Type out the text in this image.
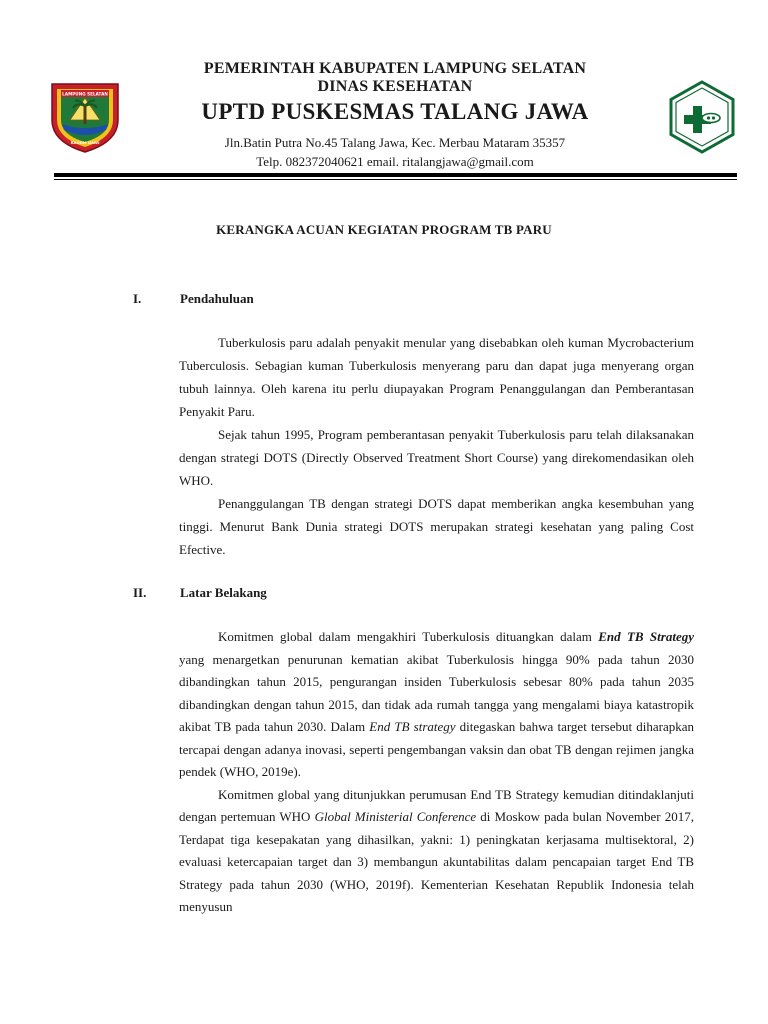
LAMPUNG SELATAN
RAGOM GAWI
PEMERINTAH KABUPATEN LAMPUNG SELATAN
DINAS KESEHATAN
UPTD PUSKESMAS TALANG JAWA
Jln.Batin Putra No.45 Talang Jawa, Kec. Merbau Mataram 35357
Telp. 082372040621 email. ritalangjawa@gmail.com
KERANGKA ACUAN KEGIATAN PROGRAM TB PARU
I.	Pendahuluan

Tuberkulosis paru adalah penyakit menular yang disebabkan oleh kuman Mycrobacterium Tuberculosis. Sebagian kuman Tuberkulosis menyerang paru dan dapat juga menyerang organ tubuh lainnya. Oleh karena itu perlu diupayakan Program Penanggulangan dan Pemberantasan Penyakit Paru.

Sejak tahun 1995, Program pemberantasan penyakit Tuberkulosis paru telah dilaksanakan dengan strategi DOTS (Directly Observed Treatment Short Course) yang direkomendasikan oleh WHO.

Penanggulangan TB dengan strategi DOTS dapat memberikan angka kesembuhan yang tinggi. Menurut Bank Dunia strategi DOTS merupakan strategi kesehatan yang paling Cost Efective.

II.	Latar Belakang

Komitmen global dalam mengakhiri Tuberkulosis dituangkan dalam End TB Strategy yang menargetkan penurunan kematian akibat Tuberkulosis hingga 90% pada tahun 2030 dibandingkan tahun 2015, pengurangan insiden Tuberkulosis sebesar 80% pada tahun 2035 dibandingkan dengan tahun 2015, dan tidak ada rumah tangga yang mengalami biaya katastropik akibat TB pada tahun 2030. Dalam End TB strategy ditegaskan bahwa target tersebut diharapkan tercapai dengan adanya inovasi, seperti pengembangan vaksin dan obat TB dengan rejimen jangka pendek (WHO, 2019e).

Komitmen global yang ditunjukkan perumusan End TB Strategy kemudian ditindaklanjuti dengan pertemuan WHO Global Ministerial Conference di Moskow pada bulan November 2017, Terdapat tiga kesepakatan yang dihasilkan, yakni: 1) peningkatan kerjasama multisektoral, 2) evaluasi ketercapaian target dan 3) membangun akuntabilitas dalam pencapaian target End TB Strategy pada tahun 2030 (WHO, 2019f). Kementerian Kesehatan Republik Indonesia telah menyusun
